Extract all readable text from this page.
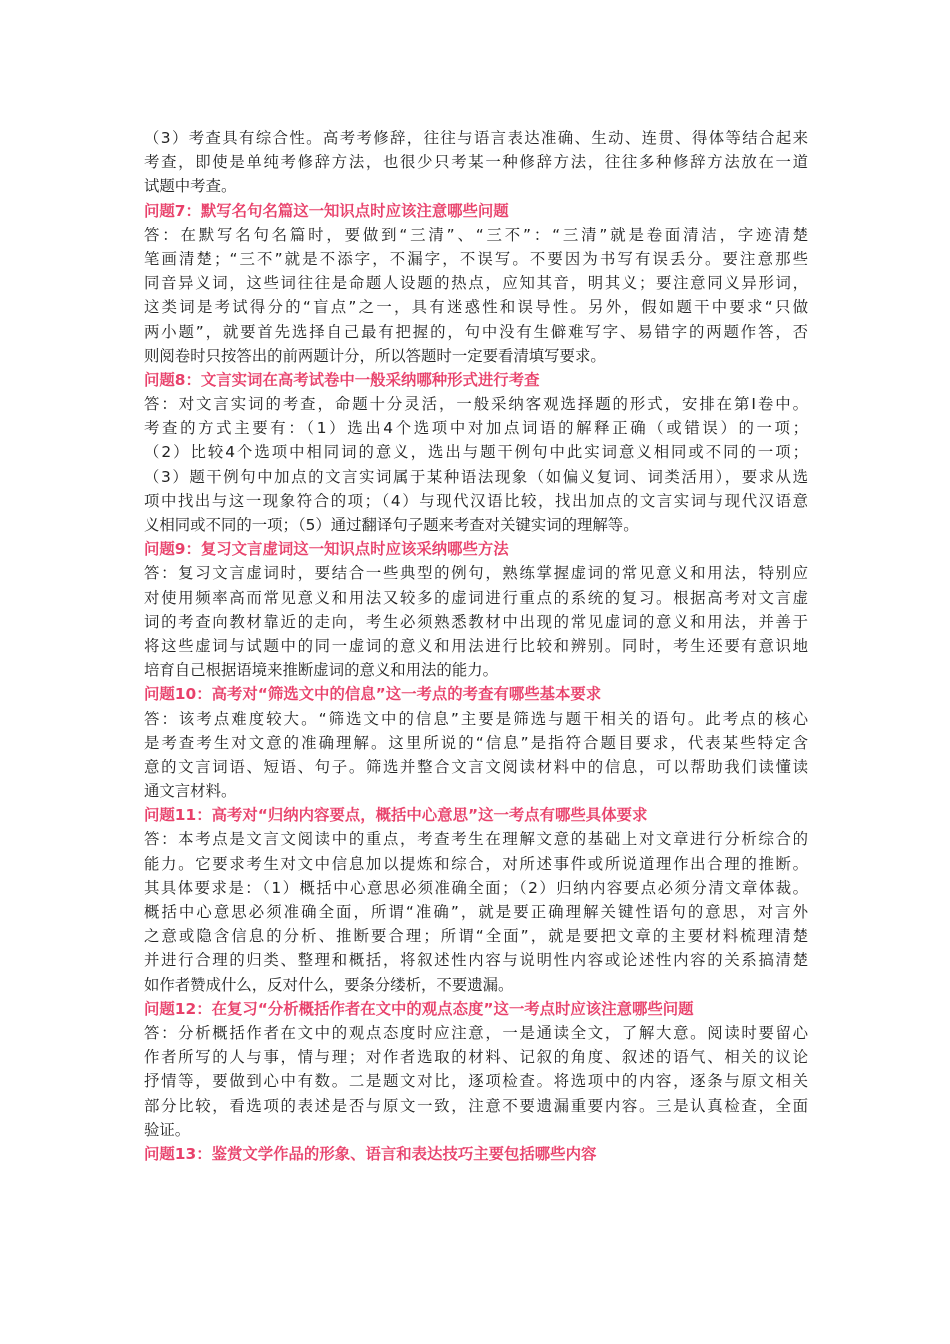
（3）考查具有综合性。高考考修辞，往往与语言表达准确、生动、连贯、得体等结合起来
考查，即使是单纯考修辞方法，也很少只考某一种修辞方法，往往多种修辞方法放在一道
试题中考查。
问题7：默写名句名篇这一知识点时应该注意哪些问题
答：在默写名句名篇时，要做到“三清”、“三不”：“三清”就是卷面清洁，字迹清楚
笔画清楚；“三不”就是不添字，不漏字，不误写。不要因为书写有误丢分。要注意那些
同音异义词，这些词往往是命题人设题的热点，应知其音，明其义；要注意同义异形词，
这类词是考试得分的“盲点”之一，具有迷惑性和误导性。另外，假如题干中要求“只做
两小题”，就要首先选择自己最有把握的，句中没有生僻难写字、易错字的两题作答，否
则阅卷时只按答出的前两题计分，所以答题时一定要看清填写要求。
问题8：文言实词在高考试卷中一般采纳哪种形式进行考查
答：对文言实词的考查，命题十分灵活，一般采纳客观选择题的形式，安排在第Ⅰ卷中。
考查的方式主要有：（1）选出4个选项中对加点词语的解释正确（或错误）的一项；
（2）比较4个选项中相同词的意义，选出与题干例句中此实词意义相同或不同的一项；
（3）题干例句中加点的文言实词属于某种语法现象（如偏义复词、词类活用），要求从选
项中找出与这一现象符合的项；（4）与现代汉语比较，找出加点的文言实词与现代汉语意
义相同或不同的一项；（5）通过翻译句子题来考查对关键实词的理解等。
问题9：复习文言虚词这一知识点时应该采纳哪些方法
答：复习文言虚词时，要结合一些典型的例句，熟练掌握虚词的常见意义和用法，特别应
对使用频率高而常见意义和用法又较多的虚词进行重点的系统的复习。根据高考对文言虚
词的考查向教材靠近的走向，考生必须熟悉教材中出现的常见虚词的意义和用法，并善于
将这些虚词与试题中的同一虚词的意义和用法进行比较和辨别。同时，考生还要有意识地
培育自己根据语境来推断虚词的意义和用法的能力。
问题10：高考对“筛选文中的信息”这一考点的考查有哪些基本要求
答：该考点难度较大。“筛选文中的信息”主要是筛选与题干相关的语句。此考点的核心
是考查考生对文意的准确理解。这里所说的“信息”是指符合题目要求，代表某些特定含
意的文言词语、短语、句子。筛选并整合文言文阅读材料中的信息，可以帮助我们读懂读
通文言材料。
问题11：高考对“归纳内容要点，概括中心意思”这一考点有哪些具体要求
答：本考点是文言文阅读中的重点，考查考生在理解文意的基础上对文章进行分析综合的
能力。它要求考生对文中信息加以提炼和综合，对所述事件或所说道理作出合理的推断。
其具体要求是：（1）概括中心意思必须准确全面；（2）归纳内容要点必须分清文章体裁。
概括中心意思必须准确全面，所谓“准确”，就是要正确理解关键性语句的意思，对言外
之意或隐含信息的分析、推断要合理；所谓“全面”，就是要把文章的主要材料梳理清楚
并进行合理的归类、整理和概括，将叙述性内容与说明性内容或论述性内容的关系搞清楚
如作者赞成什么，反对什么，要条分缕析，不要遗漏。
问题12：在复习“分析概括作者在文中的观点态度”这一考点时应该注意哪些问题
答：分析概括作者在文中的观点态度时应注意，一是通读全文，了解大意。阅读时要留心
作者所写的人与事，情与理；对作者选取的材料、记叙的角度、叙述的语气、相关的议论
抒情等，要做到心中有数。二是题文对比，逐项检查。将选项中的内容，逐条与原文相关
部分比较，看选项的表述是否与原文一致，注意不要遗漏重要内容。三是认真检查，全面
验证。
问题13：鉴赏文学作品的形象、语言和表达技巧主要包括哪些内容
